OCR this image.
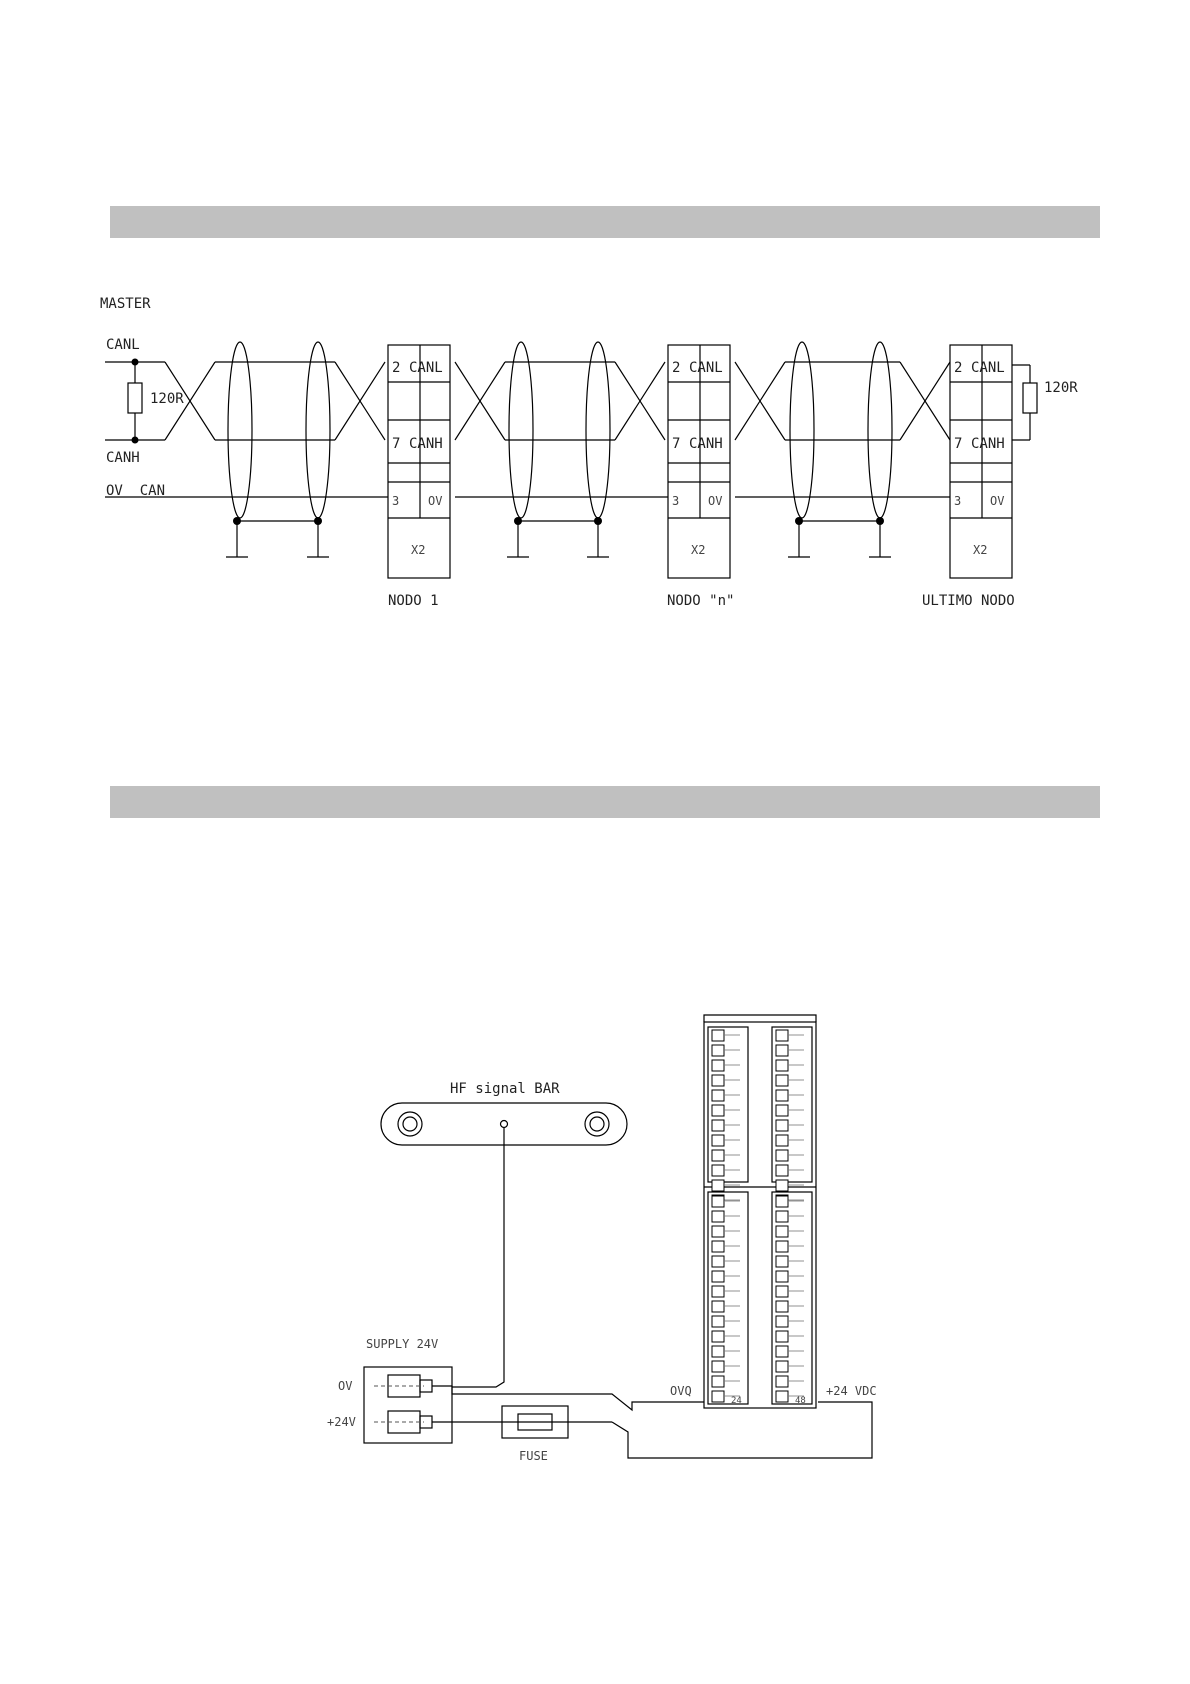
MASTER
CANL
CANH
OV  CAN
120R
2 CANL
7 CANH
3 OV
X2
NODO 1
2 CANL
7 CANH
3 OV
X2
NODO "n"
2 CANL
7 CANH
3 OV
X2
ULTIMO NODO
120R
HF signal BAR
SUPPLY 24V
OV
+24V
FUSE
OVQ	+24 VDC
24	48
